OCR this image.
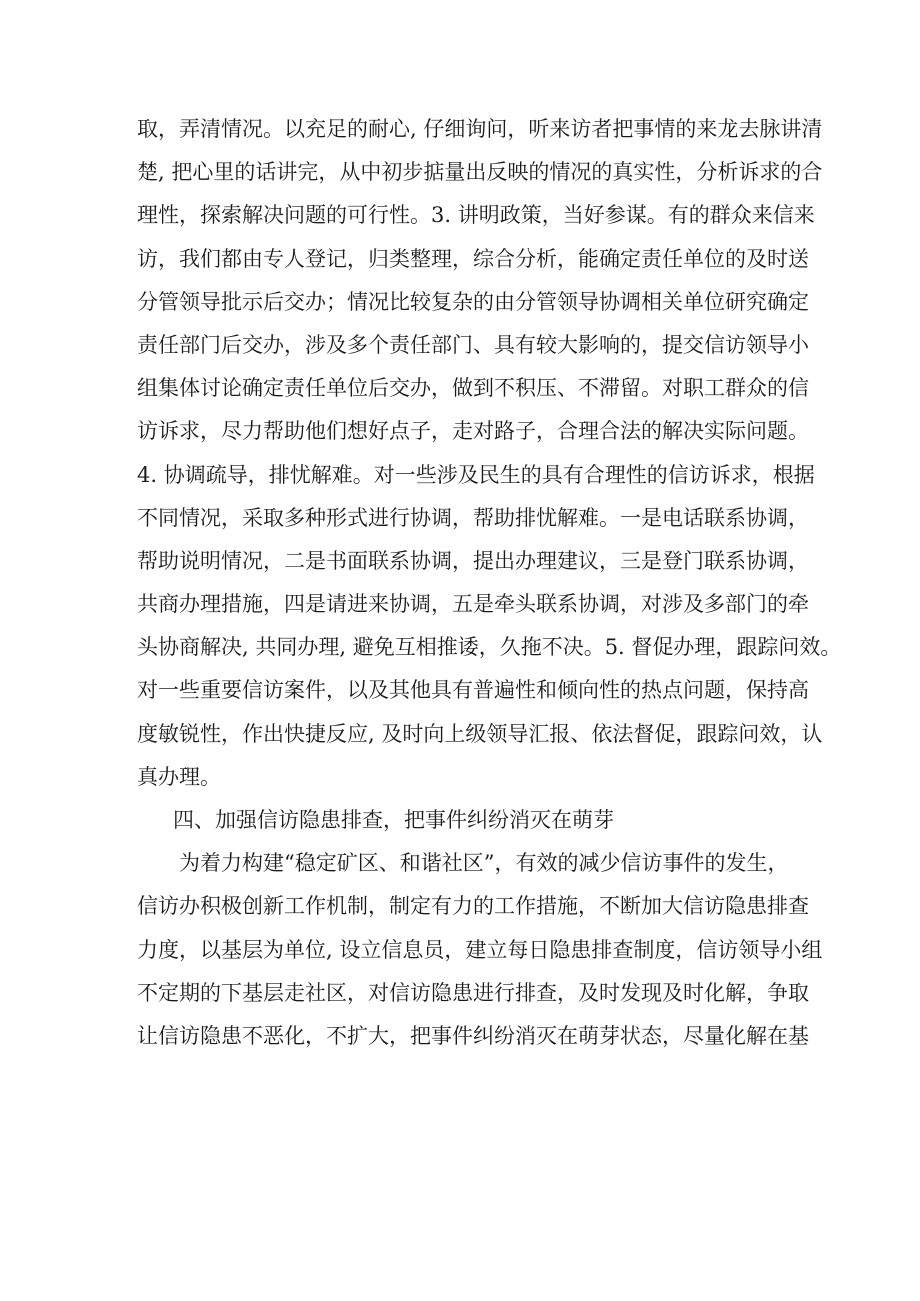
取，弄清情况。以充足的耐心, 仔细询问，听来访者把事情的来龙去脉讲清
楚, 把心里的话讲完，从中初步掂量出反映的情况的真实性，分析诉求的合
理性，探索解决问题的可行性。3. 讲明政策，当好参谋。有的群众来信来
访，我们都由专人登记，归类整理，综合分析，能确定责任单位的及时送
分管领导批示后交办；情况比较复杂的由分管领导协调相关单位研究确定
责任部门后交办，涉及多个责任部门、具有较大影响的，提交信访领导小
组集体讨论确定责任单位后交办，做到不积压、不滞留。对职工群众的信
访诉求，尽力帮助他们想好点子，走对路子，合理合法的解决实际问题。
4. 协调疏导，排忧解难。对一些涉及民生的具有合理性的信访诉求，根据
不同情况，采取多种形式进行协调，帮助排忧解难。一是电话联系协调，
帮助说明情况，二是书面联系协调，提出办理建议，三是登门联系协调，
共商办理措施，四是请进来协调，五是牵头联系协调，对涉及多部门的牵
头协商解决, 共同办理, 避免互相推诿，久拖不决。5. 督促办理，跟踪问效。
对一些重要信访案件，以及其他具有普遍性和倾向性的热点问题，保持高
度敏锐性，作出快捷反应, 及时向上级领导汇报、依法督促，跟踪问效，认
真办理。
四、加强信访隐患排查，把事件纠纷消灭在萌芽
为着力构建“稳定矿区、和谐社区”，有效的减少信访事件的发生，
信访办积极创新工作机制，制定有力的工作措施，不断加大信访隐患排查
力度，以基层为单位, 设立信息员，建立每日隐患排查制度，信访领导小组
不定期的下基层走社区，对信访隐患进行排查，及时发现及时化解，争取
让信访隐患不恶化，不扩大，把事件纠纷消灭在萌芽状态，尽量化解在基
